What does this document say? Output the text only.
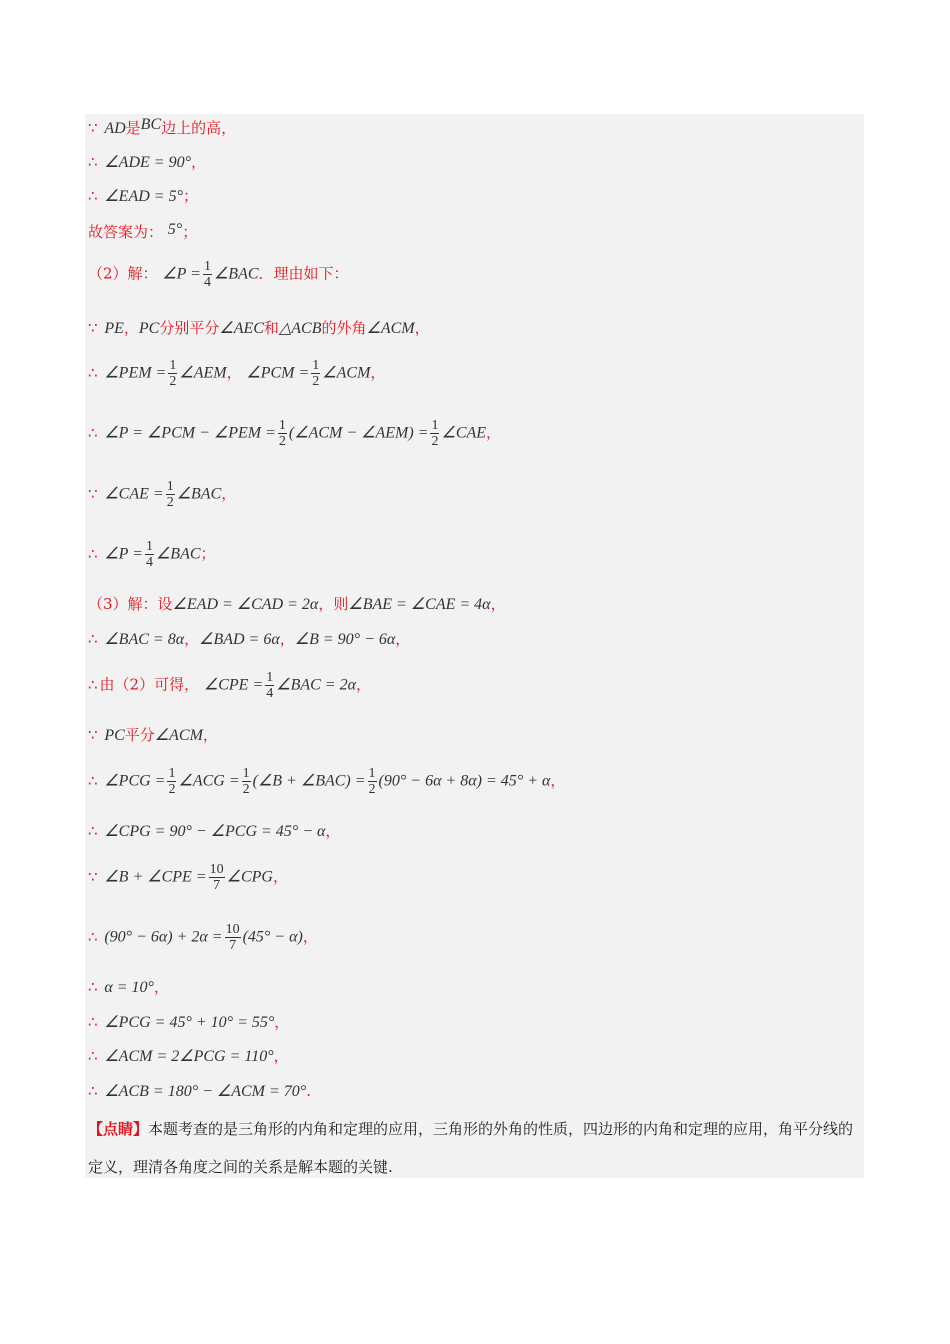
∵ AD是BC边上的高，
∴ ∠ADE = 90°，
∴ ∠EAD = 5°；
故答案为： 5°；
（2）解： ∠P = $\frac{1}{4}$ ∠BAC．理由如下：
∵ PE，PC分别平分∠AEC和△ACB的外角∠ACM，
∴ ∠PEM = $\frac{1}{2}$ ∠AEM， ∠PCM = $\frac{1}{2}$ ∠ACM，
∴ ∠P = ∠PCM − ∠PEM = $\frac{1}{2}$ (∠ACM − ∠AEM) = $\frac{1}{2}$ ∠CAE，
∵ ∠CAE = $\frac{1}{2}$ ∠BAC，
∴ ∠P = $\frac{1}{4}$ ∠BAC；
（3）解：设∠EAD = ∠CAD = 2α，则∠BAE = ∠CAE = 4α，
∴ ∠BAC = 8α，∠BAD = 6α，∠B = 90° − 6α，
∴ 由（2）可得， ∠CPE = $\frac{1}{4}$ ∠BAC = 2α，
∵ PC平分∠ACM，
∴ ∠PCG = $\frac{1}{2}$ ∠ACG = $\frac{1}{2}$ (∠B + ∠BAC) = $\frac{1}{2} (90^\circ - 6\alpha + 8\alpha) = 45^\circ + \alpha$，
∴ ∠CPG = 90° − ∠PCG = 45° − α，
∵ ∠B + ∠CPE = $\frac{10}{7}$ ∠CPG，
∴ $(90^\circ - 6\alpha) + 2\alpha = \frac{10}{7} (45^\circ - \alpha)$，
∴ α = 10°，
∴ ∠PCG = 45° + 10° = 55°，
∴ ∠ACM = 2∠PCG = 110°，
∴ ∠ACB = 180° − ∠ACM = 70°.
【点睛】本题考查的是三角形的内角和定理的应用，三角形的外角的性质，四边形的内角和定理的应用，角平分线的定义，理清各角度之间的关系是解本题的关键.
